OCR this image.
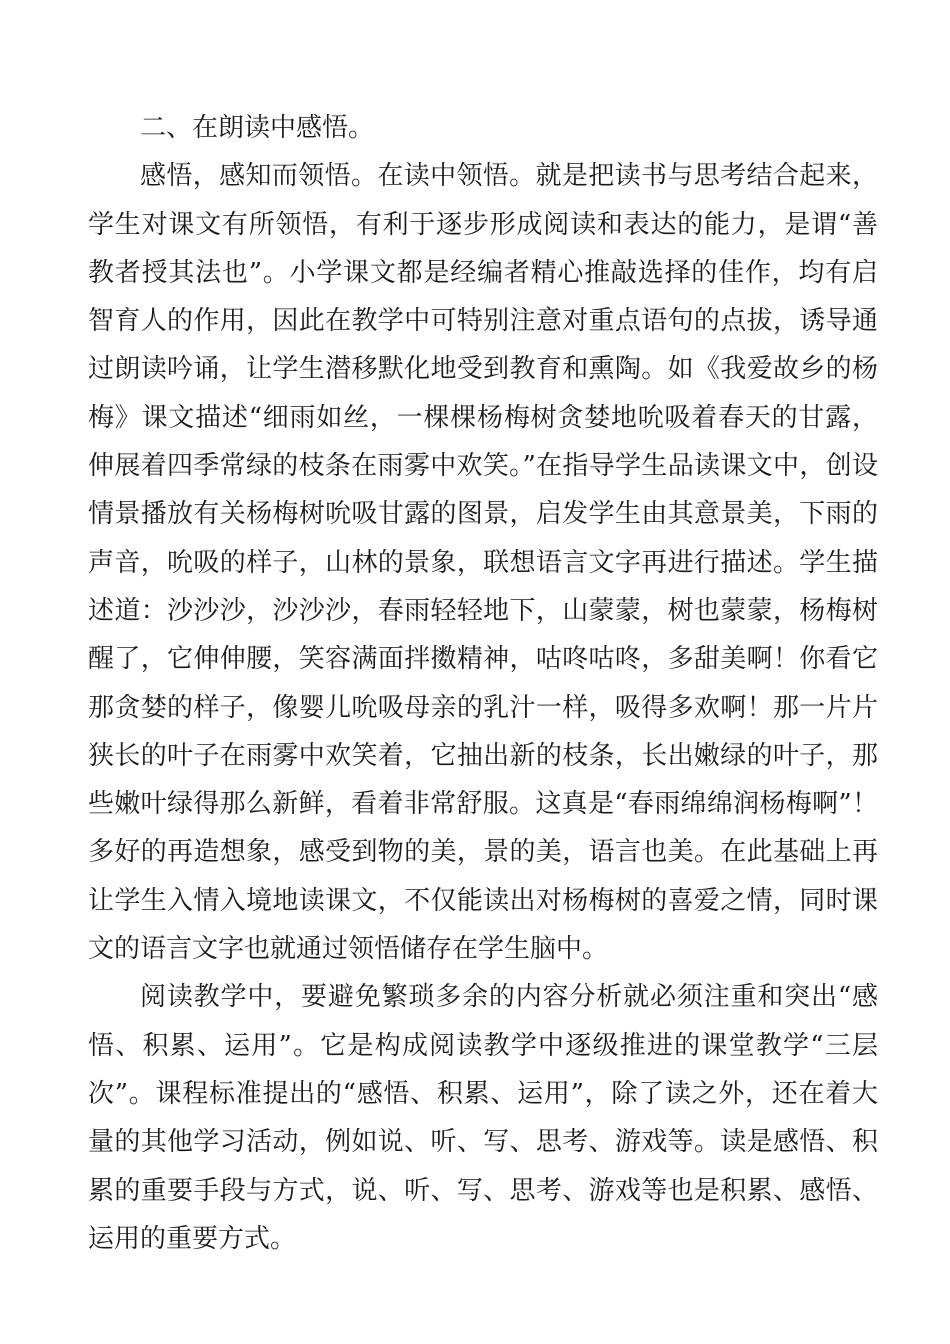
二、在朗读中感悟。

感悟，感知而领悟。在读中领悟。就是把读书与思考结合起来，学生对课文有所领悟，有利于逐步形成阅读和表达的能力，是谓“善教者授其法也”。小学课文都是经编者精心推敲选择的佳作，均有启智育人的作用，因此在教学中可特别注意对重点语句的点拔，诱导通过朗读吟诵，让学生潜移默化地受到教育和熏陶。如《我爱故乡的杨梅》课文描述“细雨如丝，一棵棵杨梅树贪婪地吮吸着春天的甘露，伸展着四季常绿的枝条在雨雾中欢笑。”在指导学生品读课文中，创设情景播放有关杨梅树吮吸甘露的图景，启发学生由其意景美，下雨的声音，吮吸的样子，山林的景象，联想语言文字再进行描述。学生描述道：沙沙沙，沙沙沙，春雨轻轻地下，山蒙蒙，树也蒙蒙，杨梅树醒了，它伸伸腰，笑容满面拌擞精神，咕咚咕咚，多甜美啊！你看它那贪婪的样子，像婴儿吮吸母亲的乳汁一样，吸得多欢啊！那一片片狭长的叶子在雨雾中欢笑着，它抽出新的枝条，长出嫩绿的叶子，那些嫩叶绿得那么新鲜，看着非常舒服。这真是“春雨绵绵润杨梅啊”！多好的再造想象，感受到物的美，景的美，语言也美。在此基础上再让学生入情入境地读课文，不仅能读出对杨梅树的喜爱之情，同时课文的语言文字也就通过领悟储存在学生脑中。

阅读教学中，要避免繁琐多余的内容分析就必须注重和突出“感悟、积累、运用”。它是构成阅读教学中逐级推进的课堂教学“三层次”。课程标准提出的“感悟、积累、运用”，除了读之外，还在着大量的其他学习活动，例如说、听、写、思考、游戏等。读是感悟、积累的重要手段与方式，说、听、写、思考、游戏等也是积累、感悟、运用的重要方式。
